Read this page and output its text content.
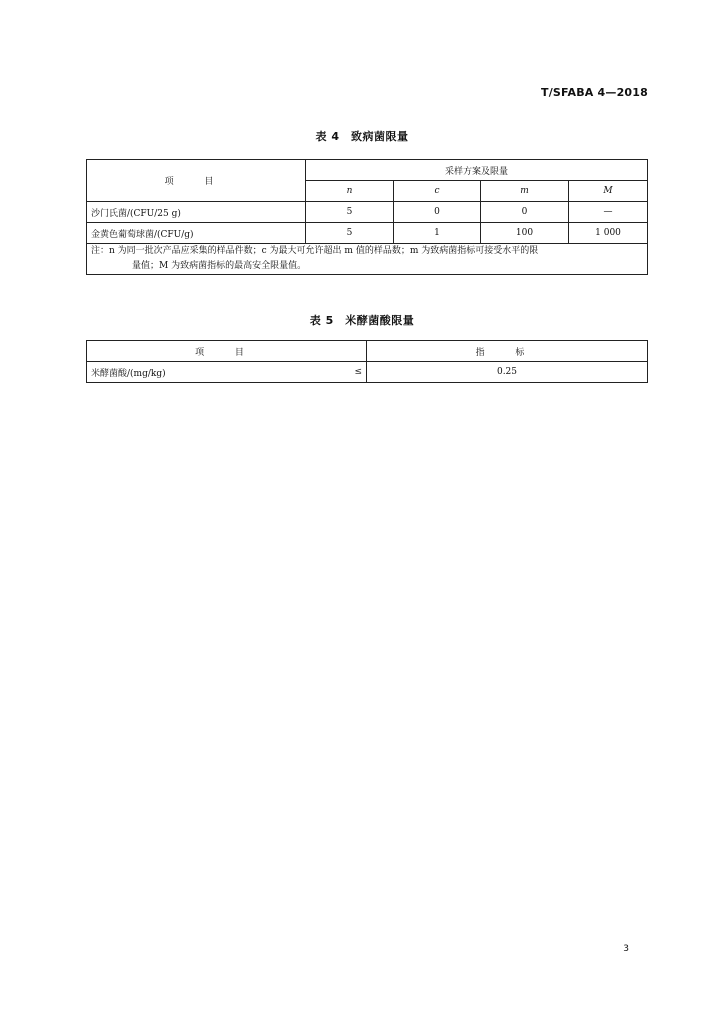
T/SFABA 4—2018
表 4　致病菌限量
项 目	采样方案及限量			
	n	c	m	M
沙门氏菌/(CFU/25 g)	5	0	0	—
金黄色葡萄球菌/(CFU/g)	5	1	100	1 000
注：n 为同一批次产品应采集的样品件数；c 为最大可允许超出 m 值的样品数；m 为致病菌指标可接受水平的限
量值；M 为致病菌指标的最高安全限量值。				
表 5　米酵菌酸限量
项 目	指 标

米酵菌酸/(mg/kg) ≤	0.25
3
